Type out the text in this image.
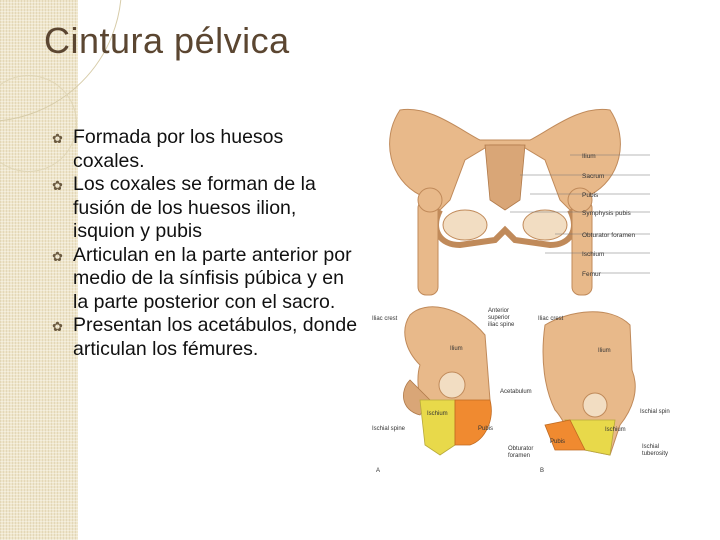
Cintura pélvica
✿ Formada por los huesos coxales.
✿ Los coxales se forman de la fusión de los huesos ilion, isquion y pubis
✿ Articulan en la parte anterior por medio de la sínfisis púbica y en la parte posterior con el sacro.
✿ Presentan los acetábulos, donde articulan los fémures.
Ilium
Sacrum
Pubis
Symphysis pubis
Obturator foramen
Ischium
Femur
Iliac crest
Ilium
Anterior
superior
iliac spine
Acetabulum
Ischium
Ischial spine	Pubis
Obturator
foramen
A
Iliac crest
Ilium
Ischial spine
Ischium
Pubis
Ischial
tuberosity
B
